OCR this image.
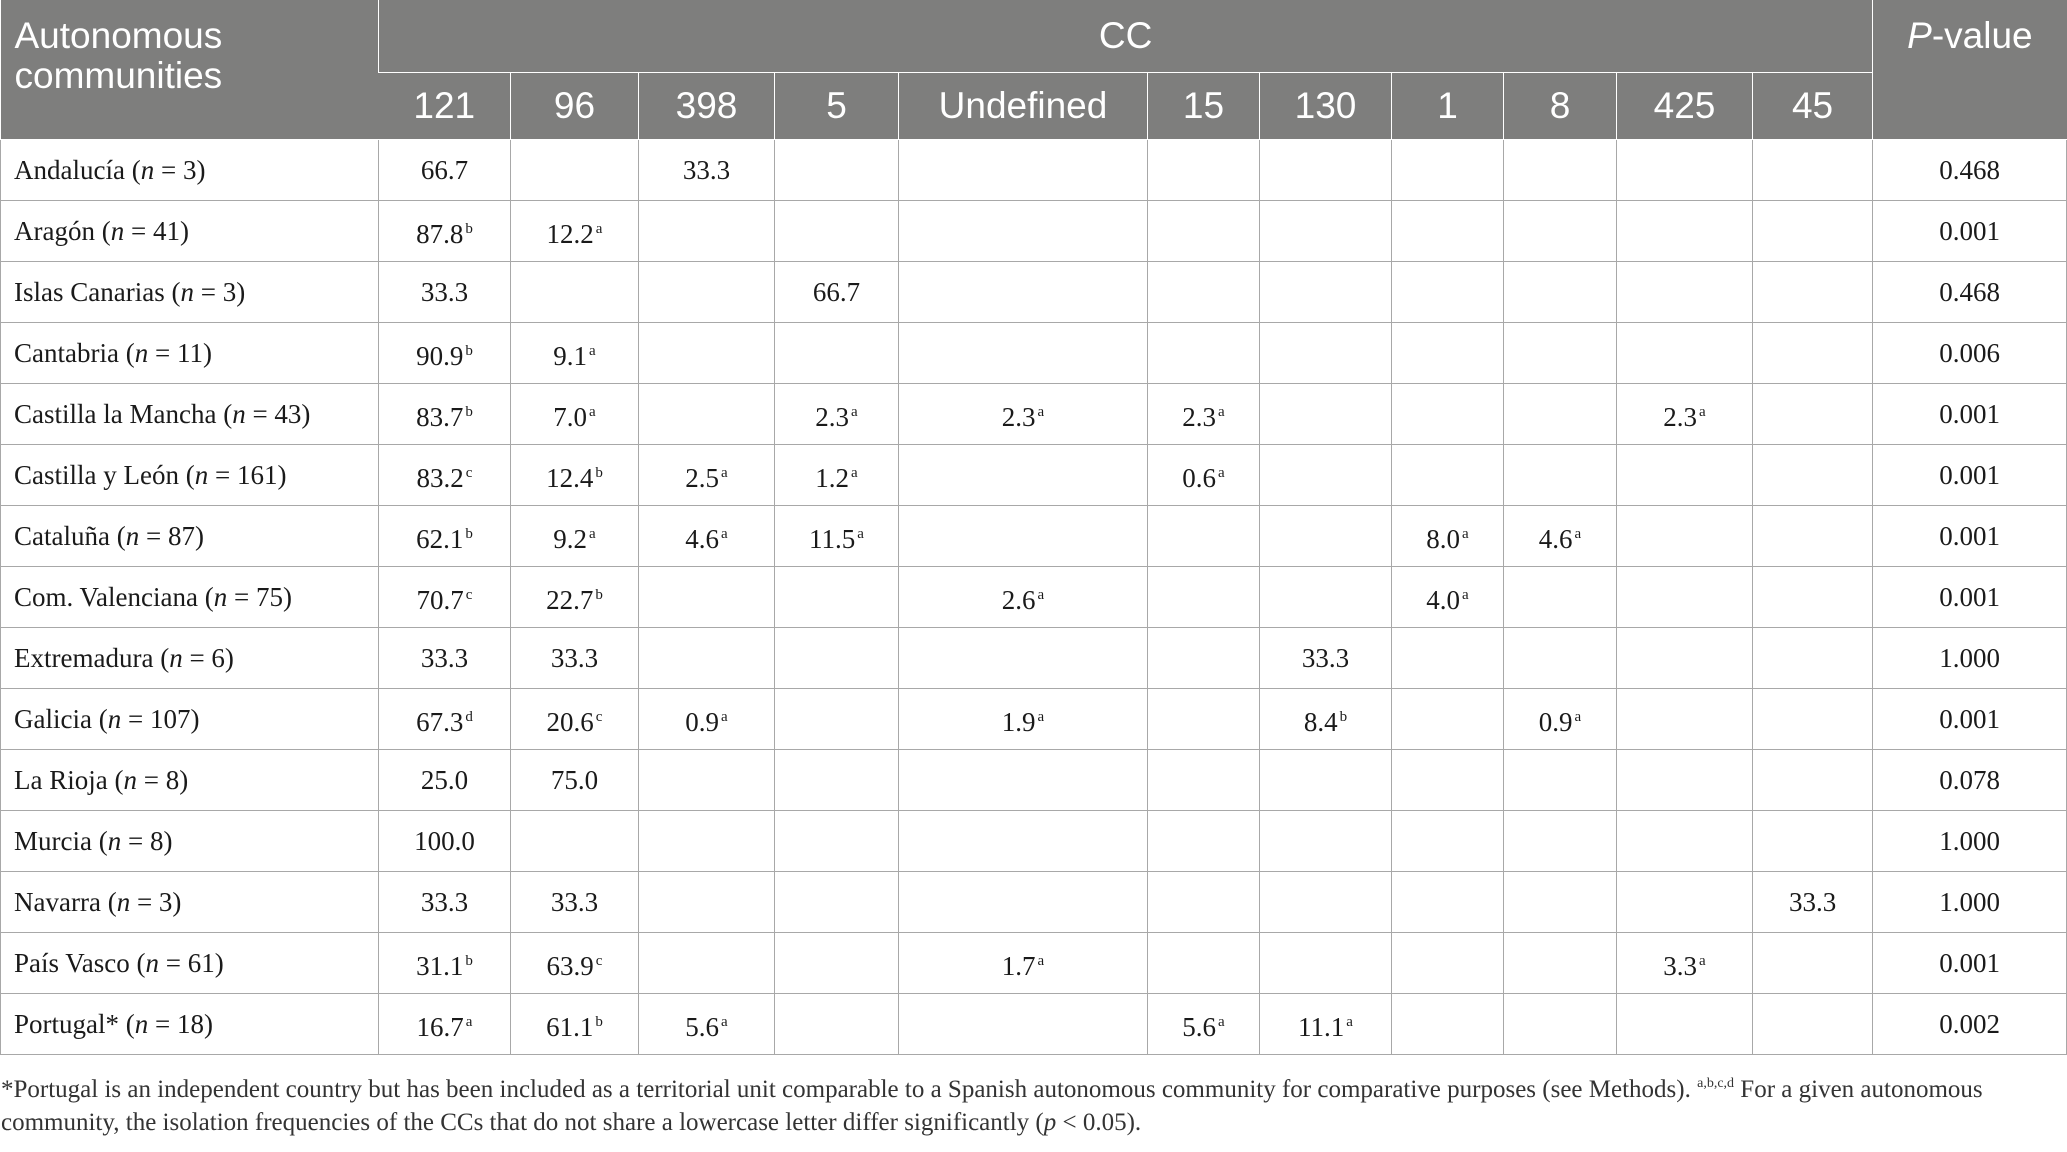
Autonomous communities	CC											P-value
	121	96	398	5	Undefined	15	130	1	8	425	45	
Andalucía (n = 3)	66.7		33.3									0.468
Aragón (n = 41)	87.8 $^b$	12.2 $^a$										0.001
Islas Canarias (n = 3)	33.3			66.7								0.468
Cantabria (n = 11)	90.9 $^b$	9.1 $^a$										0.006
Castilla la Mancha (n = 43)	83.7 $^b$	7.0 $^a$		2.3 $^a$	2.3 $^a$	2.3 $^a$				2.3 $^a$		0.001
Castilla y León (n = 161)	83.2 $^c$	12.4 $^b$	2.5 $^a$	1.2 $^a$		0.6 $^a$						0.001
Cataluña (n = 87)	62.1 $^b$	9.2 $^a$	4.6 $^a$	11.5 $^a$				8.0 $^a$	4.6 $^a$			0.001
Com. Valenciana (n = 75)	70.7 $^c$	22.7 $^b$			2.6 $^a$			4.0 $^a$				0.001
Extremadura (n = 6)	33.3	33.3					33.3					1.000
Galicia (n = 107)	67.3 $^d$	20.6 $^c$	0.9 $^a$		1.9 $^a$		8.4 $^b$		0.9 $^a$			0.001
La Rioja (n = 8)	25.0	75.0										0.078
Murcia (n = 8)	100.0											1.000
Navarra (n = 3)	33.3	33.3									33.3	1.000
País Vasco (n = 61)	31.1 $^b$	63.9 $^c$			1.7 $^a$					3.3 $^a$		0.001
Portugal* (n = 18)	16.7 $^a$	61.1 $^b$	5.6 $^a$			5.6 $^a$	11.1 $^a$					0.002
*Portugal is an independent country but has been included as a territorial unit comparable to a Spanish autonomous community for comparative purposes (see Methods). $^{a,b,c,d}$ For a given autonomous community, the isolation frequencies of the CCs that do not share a lowercase letter differ significantly (p < 0.05).
